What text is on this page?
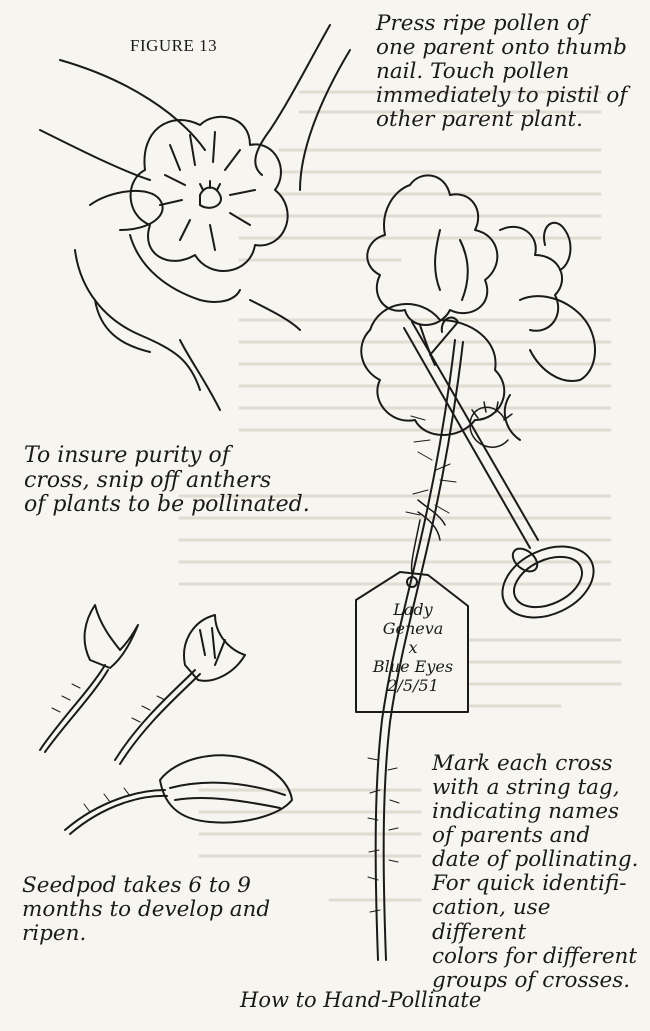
FIGURE 13
Press ripe pollen of
one parent onto thumb
nail. Touch pollen
immediately to pistil of
other parent plant.
To insure purity of
cross, snip off anthers
of plants to be pollinated.
Lady
Geneva
x
Blue Eyes
2/5/51
Mark each cross
with a string tag,
indicating names
of parents and
date of pollinating.
For quick identifi-
cation, use different
colors for different
groups of crosses.
Seedpod takes 6 to 9
months to develop and
ripen.
How to Hand-Pollinate
